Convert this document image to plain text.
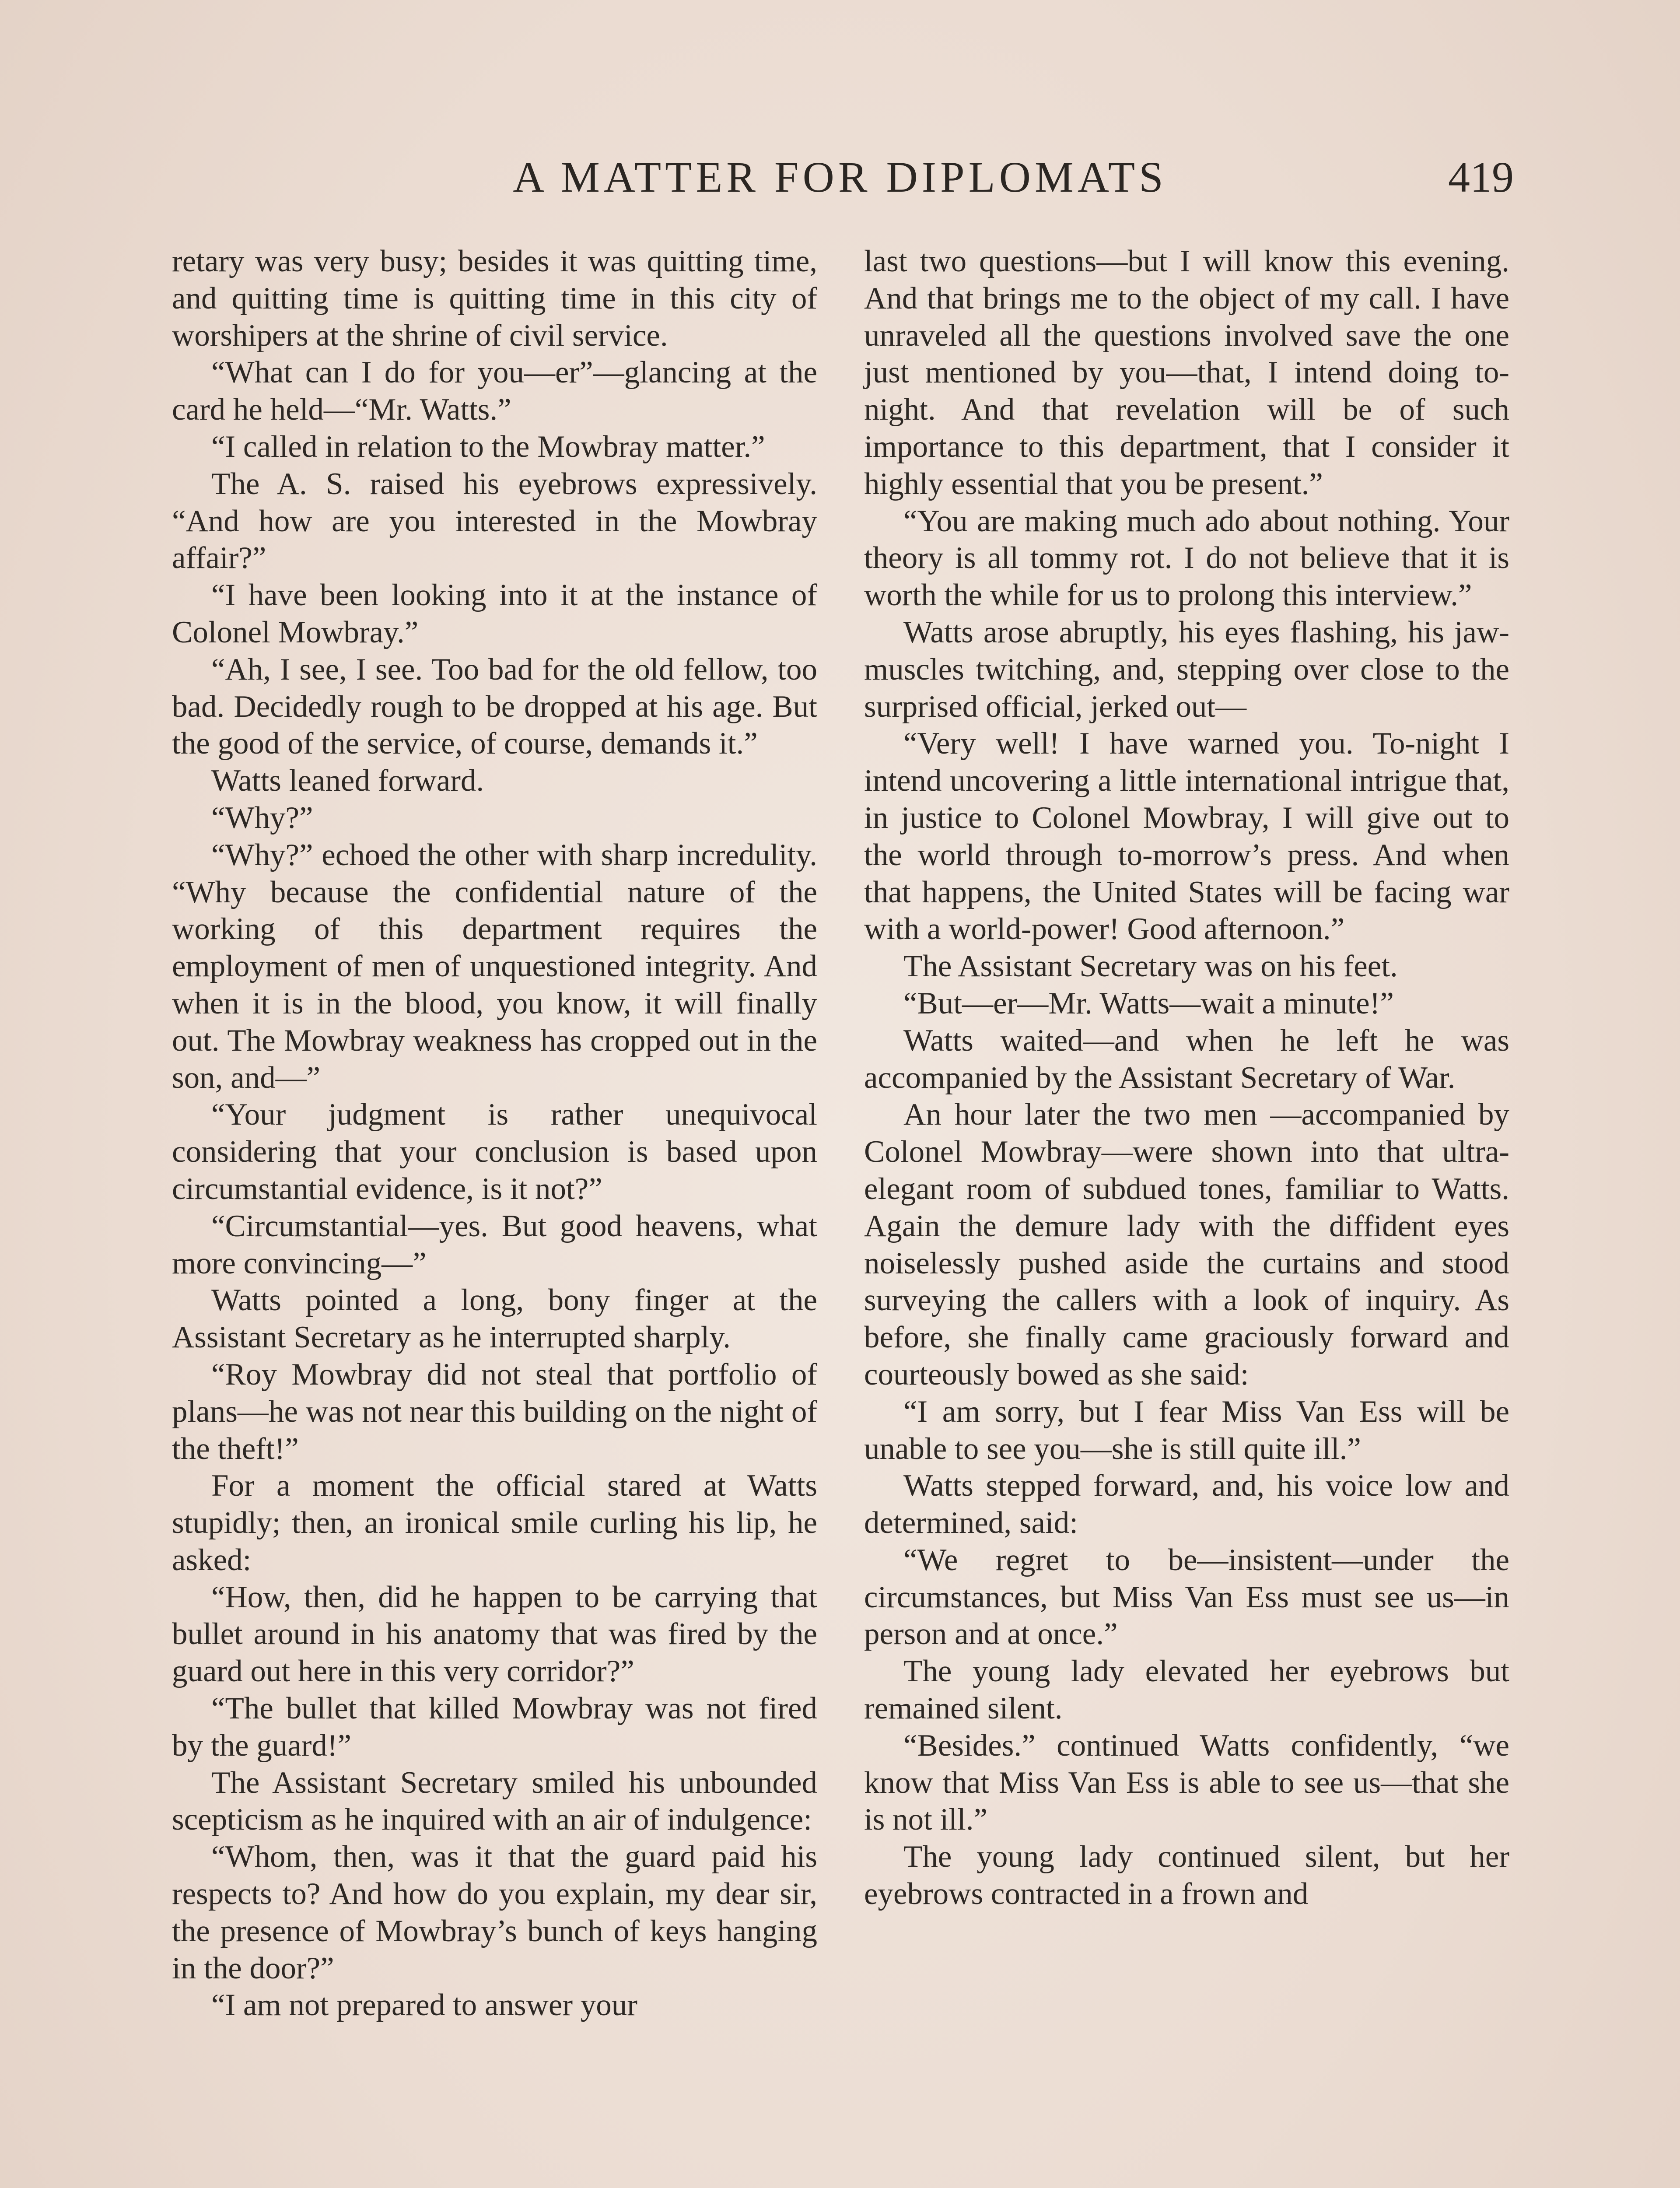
A MATTER FOR DIPLOMATS	419

retary was very busy; besides it was quitting time, and quitting time is quitting time in this city of worshipers at the shrine of civil service.

“What can I do for you—er”—glancing at the card he held—“Mr. Watts.”

“I called in relation to the Mowbray matter.”

The A. S. raised his eyebrows expressively. “And how are you interested in the Mowbray affair?”

“I have been looking into it at the instance of Colonel Mowbray.”

“Ah, I see, I see. Too bad for the old fellow, too bad. Decidedly rough to be dropped at his age. But the good of the service, of course, demands it.”

Watts leaned forward.

“Why?”

“Why?” echoed the other with sharp incredulity. “Why because the confidential nature of the working of this department requires the employment of men of unquestioned integrity. And when it is in the blood, you know, it will finally out. The Mowbray weakness has cropped out in the son, and—”

“Your judgment is rather unequivocal considering that your conclusion is based upon circumstantial evidence, is it not?”

“Circumstantial—yes. But good heavens, what more convincing—”

Watts pointed a long, bony finger at the Assistant Secretary as he interrupted sharply.

“Roy Mowbray did not steal that portfolio of plans—he was not near this building on the night of the theft!”

For a moment the official stared at Watts stupidly; then, an ironical smile curling his lip, he asked:

“How, then, did he happen to be carrying that bullet around in his anatomy that was fired by the guard out here in this very corridor?”

“The bullet that killed Mowbray was not fired by the guard!”

The Assistant Secretary smiled his unbounded scepticism as he inquired with an air of indulgence:

“Whom, then, was it that the guard paid his respects to? And how do you explain, my dear sir, the presence of Mowbray’s bunch of keys hanging in the door?”

“I am not prepared to answer your

last two questions—but I will know this evening. And that brings me to the object of my call. I have unraveled all the questions involved save the one just mentioned by you—that, I intend doing to-night. And that revelation will be of such importance to this department, that I consider it highly essential that you be present.”

“You are making much ado about nothing. Your theory is all tommy rot. I do not believe that it is worth the while for us to prolong this interview.”

Watts arose abruptly, his eyes flashing, his jaw-muscles twitching, and, stepping over close to the surprised official, jerked out—

“Very well! I have warned you. To-night I intend uncovering a little international intrigue that, in justice to Colonel Mowbray, I will give out to the world through to-morrow’s press. And when that happens, the United States will be facing war with a world-power! Good afternoon.”

The Assistant Secretary was on his feet.

“But—er—Mr. Watts—wait a minute!”

Watts waited—and when he left he was accompanied by the Assistant Secretary of War.

An hour later the two men —accompanied by Colonel Mowbray—were shown into that ultra-elegant room of subdued tones, familiar to Watts. Again the demure lady with the diffident eyes noiselessly pushed aside the curtains and stood surveying the callers with a look of inquiry. As before, she finally came graciously forward and courteously bowed as she said:

“I am sorry, but I fear Miss Van Ess will be unable to see you—she is still quite ill.”

Watts stepped forward, and, his voice low and determined, said:

“We regret to be—insistent—under the circumstances, but Miss Van Ess must see us—in person and at once.”

The young lady elevated her eyebrows but remained silent.

“Besides.” continued Watts confidently, “we know that Miss Van Ess is able to see us—that she is not ill.”

The young lady continued silent, but her eyebrows contracted in a frown and
